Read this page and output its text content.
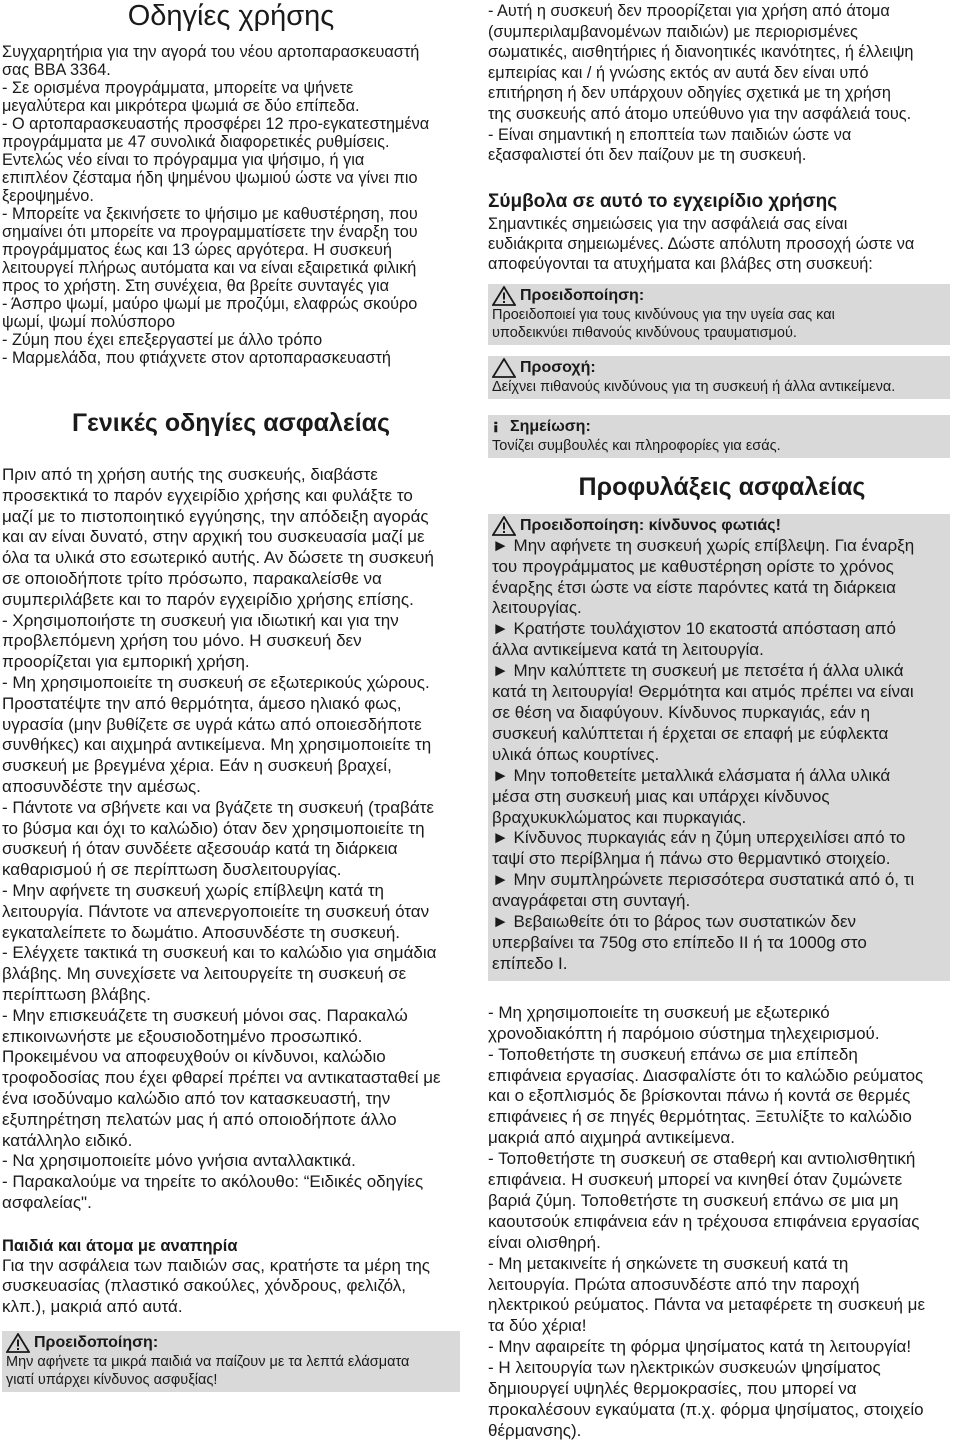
Οδηγίες χρήσης
Συγχαρητήρια για την αγορά του νέου αρτοπαρασκευαστή
σας BBA 3364.
- Σε ορισμένα προγράμματα, μπορείτε να ψήνετε
μεγαλύτερα και μικρότερα ψωμιά σε δύο επίπεδα.
- Ο αρτοπαρασκευαστής προσφέρει 12 προ-εγκατεστημένα
προγράμματα με 47 συνολικά διαφορετικές ρυθμίσεις.
Εντελώς νέο είναι το πρόγραμμα για ψήσιμο, ή για
επιπλέον ζέσταμα ήδη ψημένου ψωμιού ώστε να γίνει πιο
ξεροψημένο.
- Μπορείτε να ξεκινήσετε το ψήσιμο με καθυστέρηση, που
σημαίνει ότι μπορείτε να προγραμματίσετε την έναρξη του
προγράμματος έως και 13 ώρες αργότερα. Η συσκευή
λειτουργεί πλήρως αυτόματα και να είναι εξαιρετικά φιλική
προς το χρήστη. Στη συνέχεια, θα βρείτε συνταγές για
- Άσπρο ψωμί, μαύρο ψωμί με προζύμι, ελαφρώς σκούρο
ψωμί, ψωμί πολύσπορο
- Ζύμη που έχει επεξεργαστεί με άλλο τρόπο
- Μαρμελάδα, που φτιάχνετε στον αρτοπαρασκευαστή
Γενικές οδηγίες ασφαλείας
Πριν από τη χρήση αυτής της συσκευής, διαβάστε
προσεκτικά το παρόν εγχειρίδιο χρήσης και φυλάξτε το
μαζί με το πιστοποιητικό εγγύησης, την απόδειξη αγοράς
και αν είναι δυνατό, στην αρχική του συσκευασία μαζί με
όλα τα υλικά στο εσωτερικό αυτής. Αν δώσετε τη συσκευή
σε οποιοδήποτε τρίτο πρόσωπο, παρακαλείσθε να
συμπεριλάβετε και το παρόν εγχειρίδιο χρήσης επίσης.
- Χρησιμοποιήστε τη συσκευή για ιδιωτική και για την
προβλεπόμενη χρήση του μόνο. Η συσκευή δεν
προορίζεται για εμπορική χρήση.
- Μη χρησιμοποιείτε τη συσκευή σε εξωτερικούς χώρους.
Προστατέψτε την από θερμότητα, άμεσο ηλιακό φως,
υγρασία (μην βυθίζετε σε υγρά κάτω από οποιεσδήποτε
συνθήκες) και αιχμηρά αντικείμενα. Μη χρησιμοποιείτε τη
συσκευή με βρεγμένα χέρια. Εάν η συσκευή βραχεί,
αποσυνδέστε την αμέσως.
- Πάντοτε να σβήνετε και να βγάζετε τη συσκευή (τραβάτε
το βύσμα και όχι το καλώδιο) όταν δεν χρησιμοποιείτε τη
συσκευή ή όταν συνδέετε αξεσουάρ κατά τη διάρκεια
καθαρισμού ή σε περίπτωση δυσλειτουργίας.
- Μην αφήνετε τη συσκευή χωρίς επίβλεψη κατά τη
λειτουργία. Πάντοτε να απενεργοποιείτε τη συσκευή όταν
εγκαταλείπετε το δωμάτιο. Αποσυνδέστε τη συσκευή.
- Ελέγχετε τακτικά τη συσκευή και το καλώδιο για σημάδια
βλάβης. Μη συνεχίσετε να λειτουργείτε τη συσκευή σε
περίπτωση βλάβης.
- Μην επισκευάζετε τη συσκευή μόνοι σας. Παρακαλώ
επικοινωνήστε με εξουσιοδοτημένο προσωπικό.
Προκειμένου να αποφευχθούν οι κίνδυνοι, καλώδιο
τροφοδοσίας που έχει φθαρεί πρέπει να αντικατασταθεί με
ένα ισοδύναμο καλώδιο από τον κατασκευαστή, την
εξυπηρέτηση πελατών μας ή από οποιοδήποτε άλλο
κατάλληλο ειδικό.
- Να χρησιμοποιείτε μόνο γνήσια ανταλλακτικά.
- Παρακαλούμε να τηρείτε το ακόλουθο: “Ειδικές οδηγίες
ασφαλείας".
Παιδιά και άτομα με αναπηρία
Για την ασφάλεια των παιδιών σας, κρατήστε τα μέρη της
συσκευασίας (πλαστικό σακούλες, χόνδρους, φελιζόλ,
κλπ.), μακριά από αυτά.
Προειδοποίηση:
Μην αφήνετε τα μικρά παιδιά να παίζουν με τα λεπτά ελάσματα
γιατί υπάρχει κίνδυνος ασφυξίας!
- Αυτή η συσκευή δεν προορίζεται για χρήση από άτομα
(συμπεριλαμβανομένων παιδιών) με περιορισμένες
σωματικές, αισθητήριες ή διανοητικές ικανότητες, ή έλλειψη
εμπειρίας και / ή γνώσης εκτός αν αυτά δεν είναι υπό
επιτήρηση ή δεν υπάρχουν οδηγίες σχετικά με τη χρήση
της συσκευής από άτομο υπεύθυνο για την ασφάλειά τους.
- Είναι σημαντική η εποπτεία των παιδιών ώστε να
εξασφαλιστεί ότι δεν παίζουν με τη συσκευή.
Σύμβολα σε αυτό το εγχειρίδιο χρήσης
Σημαντικές σημειώσεις για την ασφάλειά σας είναι
ευδιάκριτα σημειωμένες. Δώστε απόλυτη προσοχή ώστε να
αποφεύγονται τα ατυχήματα και βλάβες στη συσκευή:
Προειδοποίηση:
Προειδοποιεί για τους κινδύνους για την υγεία σας και
υποδεικνύει πιθανούς κινδύνους τραυματισμού.
Προσοχή:
Δείχνει πιθανούς κινδύνους για τη συσκευή ή άλλα αντικείμενα.
Σημείωση:
Τονίζει συμβουλές και πληροφορίες για εσάς.
Προφυλάξεις ασφαλείας
Προειδοποίηση: κίνδυνος φωτιάς!
► Μην αφήνετε τη συσκευή χωρίς επίβλεψη. Για έναρξη
του προγράμματος με καθυστέρηση ορίστε το χρόνος
έναρξης έτσι ώστε να είστε παρόντες κατά τη διάρκεια
λειτουργίας.
► Κρατήστε τουλάχιστον 10 εκατοστά απόσταση από
άλλα αντικείμενα κατά τη λειτουργία.
► Μην καλύπτετε τη συσκευή με πετσέτα ή άλλα υλικά
κατά τη λειτουργία! Θερμότητα και ατμός πρέπει να είναι
σε θέση να διαφύγουν. Κίνδυνος πυρκαγιάς, εάν η
συσκευή καλύπτεται ή έρχεται σε επαφή με εύφλεκτα
υλικά όπως κουρτίνες.
► Μην τοποθετείτε μεταλλικά ελάσματα ή άλλα υλικά
μέσα στη συσκευή μιας και υπάρχει κίνδυνος
βραχυκυκλώματος και πυρκαγιάς.
► Κίνδυνος πυρκαγιάς εάν η ζύμη υπερχειλίσει από το
ταψί στο περίβλημα ή πάνω στο θερμαντικό στοιχείο.
► Μην συμπληρώνετε περισσότερα συστατικά από ό, τι
αναγράφεται στη συνταγή.
► Βεβαιωθείτε ότι το βάρος των συστατικών δεν
υπερβαίνει τα 750g στο επίπεδο II ή τα 1000g στο
επίπεδο I.
- Μη χρησιμοποιείτε τη συσκευή με εξωτερικό
χρονοδιακόπτη ή παρόμοιο σύστημα τηλεχειρισμού.
- Τοποθετήστε τη συσκευή επάνω σε μια επίπεδη
επιφάνεια εργασίας. Διασφαλίστε ότι το καλώδιο ρεύματος
και ο εξοπλισμός δε βρίσκονται πάνω ή κοντά σε θερμές
επιφάνειες ή σε πηγές θερμότητας. Ξετυλίξτε το καλώδιο
μακριά από αιχμηρά αντικείμενα.
- Τοποθετήστε τη συσκευή σε σταθερή και αντιολισθητική
επιφάνεια. Η συσκευή μπορεί να κινηθεί όταν ζυμώνετε
βαριά ζύμη. Τοποθετήστε τη συσκευή επάνω σε μια μη
καουτσούκ επιφάνεια εάν η τρέχουσα επιφάνεια εργασίας
είναι ολισθηρή.
- Μη μετακινείτε ή σηκώνετε τη συσκευή κατά τη
λειτουργία. Πρώτα αποσυνδέστε από την παροχή
ηλεκτρικού ρεύματος. Πάντα να μεταφέρετε τη συσκευή με
τα δύο χέρια!
- Μην αφαιρείτε τη φόρμα ψησίματος κατά τη λειτουργία!
- Η λειτουργία των ηλεκτρικών συσκευών ψησίματος
δημιουργεί υψηλές θερμοκρασίες, που μπορεί να
προκαλέσουν εγκαύματα (π.χ. φόρμα ψησίματος, στοιχείο
θέρμανσης).
